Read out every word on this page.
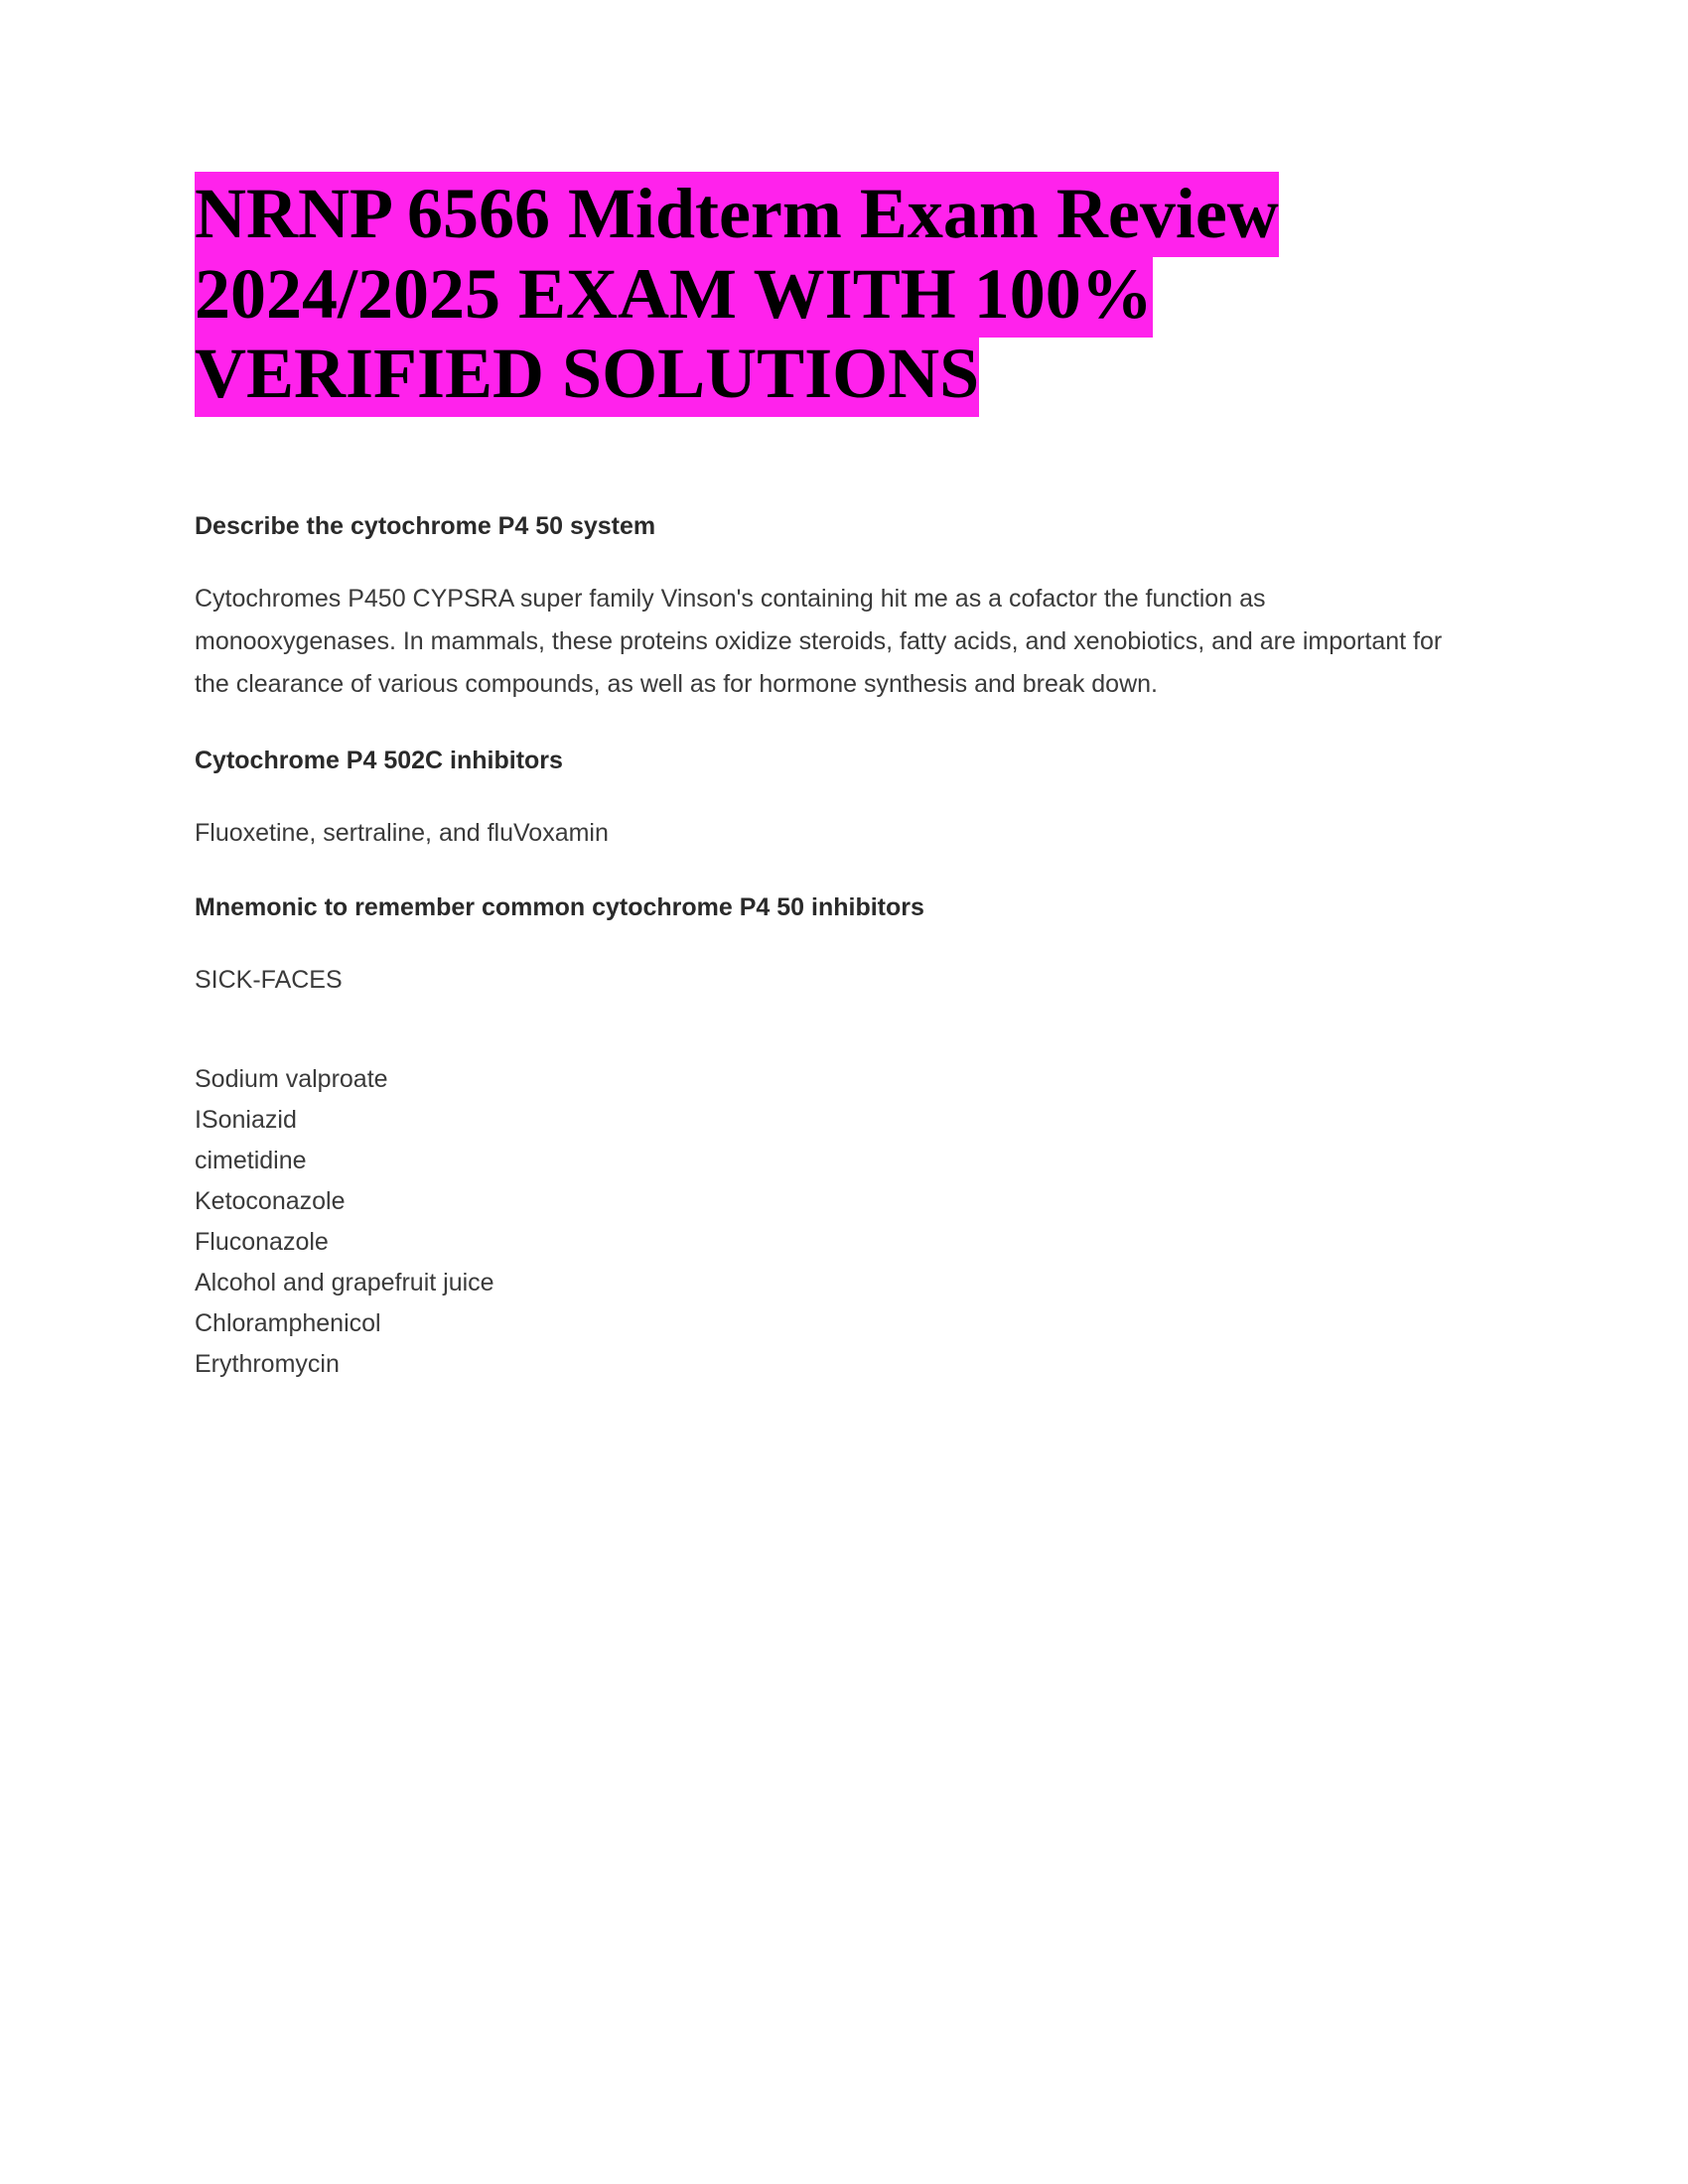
NRNP 6566 Midterm Exam Review 2024/2025 EXAM WITH 100% VERIFIED SOLUTIONS
Describe the cytochrome P4 50 system

Cytochromes P450 CYPSRA super family Vinson's containing hit me as a cofactor the function as monooxygenases. In mammals, these proteins oxidize steroids, fatty acids, and xenobiotics, and are important for the clearance of various compounds, as well as for hormone synthesis and break down.

Cytochrome P4 502C inhibitors

Fluoxetine, sertraline, and fluVoxamin

Mnemonic to remember common cytochrome P4 50 inhibitors

SICK-FACES

Sodium valproate
ISoniazid
cimetidine
Ketoconazole
Fluconazole
Alcohol and grapefruit juice
Chloramphenicol
Erythromycin
